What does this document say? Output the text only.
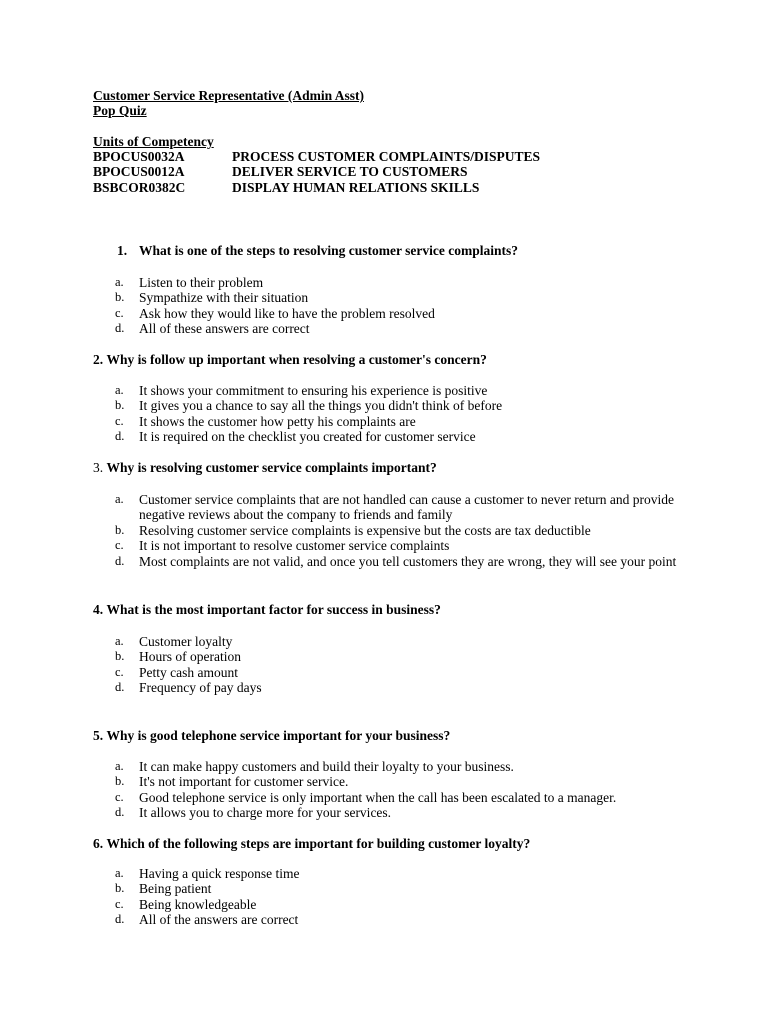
Customer Service Representative (Admin Asst)
Pop Quiz
Units of Competency
BPOCUS0032A	PROCESS CUSTOMER COMPLAINTS/DISPUTES
BPOCUS0012A	DELIVER SERVICE TO CUSTOMERS
BSBCOR0382C	DISPLAY HUMAN RELATIONS SKILLS
1. What is one of the steps to resolving customer service complaints?
a. Listen to their problem
b. Sympathize with their situation
c. Ask how they would like to have the problem resolved
d. All of these answers are correct
2. Why is follow up important when resolving a customer's concern?
a. It shows your commitment to ensuring his experience is positive
b. It gives you a chance to say all the things you didn't think of before
c. It shows the customer how petty his complaints are
d. It is required on the checklist you created for customer service
3. Why is resolving customer service complaints important?
a. Customer service complaints that are not handled can cause a customer to never return and provide negative reviews about the company to friends and family
b. Resolving customer service complaints is expensive but the costs are tax deductible
c. It is not important to resolve customer service complaints
d. Most complaints are not valid, and once you tell customers they are wrong, they will see your point
4. What is the most important factor for success in business?
a. Customer loyalty
b. Hours of operation
c. Petty cash amount
d. Frequency of pay days
5. Why is good telephone service important for your business?
a. It can make happy customers and build their loyalty to your business.
b. It's not important for customer service.
c. Good telephone service is only important when the call has been escalated to a manager.
d. It allows you to charge more for your services.
6. Which of the following steps are important for building customer loyalty?
a. Having a quick response time
b. Being patient
c. Being knowledgeable
d. All of the answers are correct
